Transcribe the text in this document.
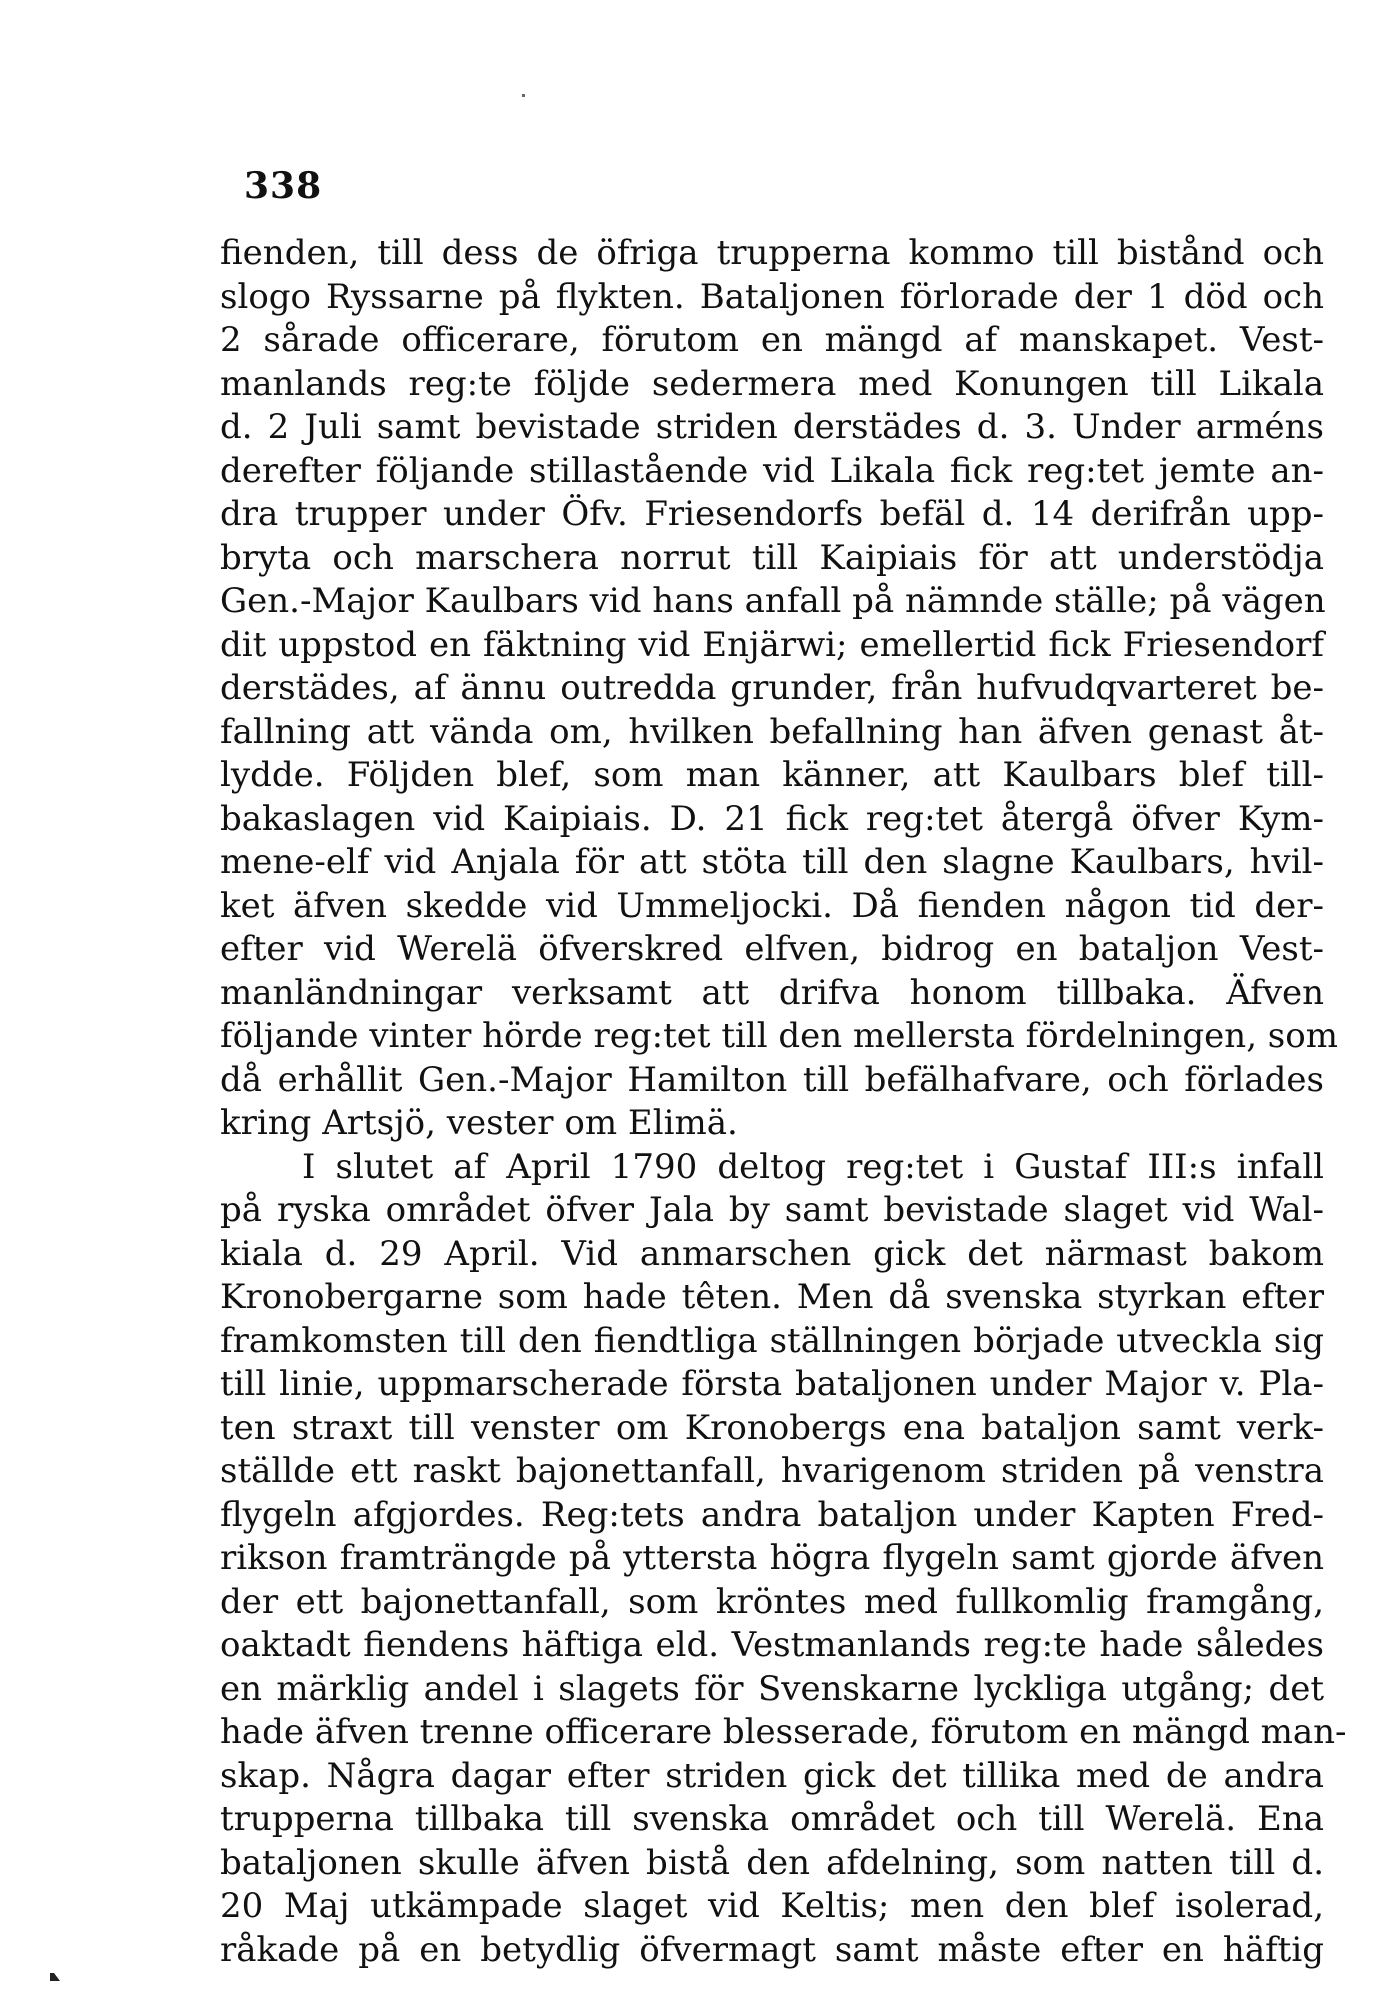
338
fienden, till dess de öfriga trupperna kommo till bistånd och
slogo Ryssarne på flykten. Bataljonen förlorade der 1 död och
2 sårade officerare, förutom en mängd af manskapet. Vest-
manlands reg:te följde sedermera med Konungen till Likala
d. 2 Juli samt bevistade striden derstädes d. 3. Under arméns
derefter följande stillastående vid Likala fick reg:tet jemte an-
dra trupper under Öfv. Friesendorfs befäl d. 14 derifrån upp-
bryta och marschera norrut till Kaipiais för att understödja
Gen.-Major Kaulbars vid hans anfall på nämnde ställe; på vägen
dit uppstod en fäktning vid Enjärwi; emellertid fick Friesendorf
derstädes, af ännu outredda grunder, från hufvudqvarteret be-
fallning att vända om, hvilken befallning han äfven genast åt-
lydde. Följden blef, som man känner, att Kaulbars blef till-
bakaslagen vid Kaipiais. D. 21 fick reg:tet återgå öfver Kym-
mene-elf vid Anjala för att stöta till den slagne Kaulbars, hvil-
ket äfven skedde vid Ummeljocki. Då fienden någon tid der-
efter vid Werelä öfverskred elfven, bidrog en bataljon Vest-
manländningar verksamt att drifva honom tillbaka. Äfven
följande vinter hörde reg:tet till den mellersta fördelningen, som
då erhållit Gen.-Major Hamilton till befälhafvare, och förlades
kring Artsjö, vester om Elimä.
I slutet af April 1790 deltog reg:tet i Gustaf III:s infall
på ryska området öfver Jala by samt bevistade slaget vid Wal-
kiala d. 29 April. Vid anmarschen gick det närmast bakom
Kronobergarne som hade têten. Men då svenska styrkan efter
framkomsten till den fiendtliga ställningen började utveckla sig
till linie, uppmarscherade första bataljonen under Major v. Pla-
ten straxt till venster om Kronobergs ena bataljon samt verk-
ställde ett raskt bajonettanfall, hvarigenom striden på venstra
flygeln afgjordes. Reg:tets andra bataljon under Kapten Fred-
rikson framträngde på yttersta högra flygeln samt gjorde äfven
der ett bajonettanfall, som kröntes med fullkomlig framgång,
oaktadt fiendens häftiga eld. Vestmanlands reg:te hade således
en märklig andel i slagets för Svenskarne lyckliga utgång; det
hade äfven trenne officerare blesserade, förutom en mängd man-
skap. Några dagar efter striden gick det tillika med de andra
trupperna tillbaka till svenska området och till Werelä. Ena
bataljonen skulle äfven bistå den afdelning, som natten till d.
20 Maj utkämpade slaget vid Keltis; men den blef isolerad,
råkade på en betydlig öfvermagt samt måste efter en häftig
